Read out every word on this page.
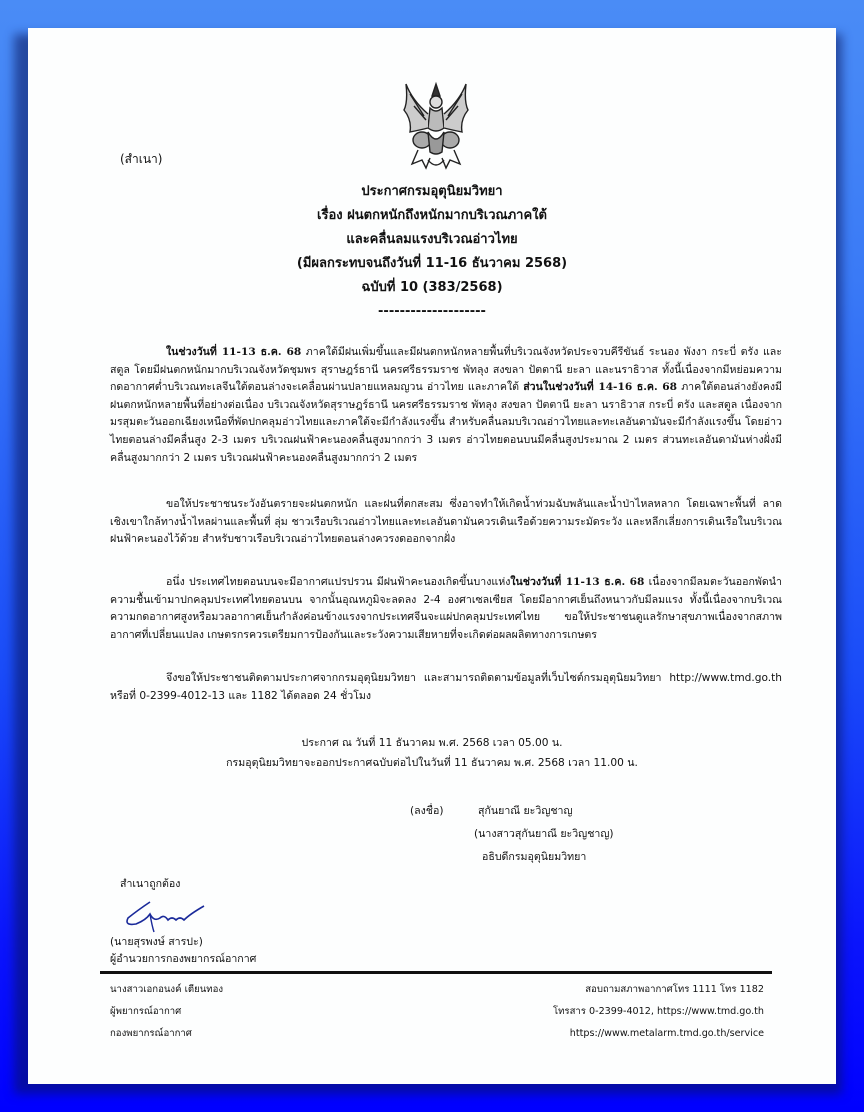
(สำเนา)
ประกาศกรมอุตุนิยมวิทยา
เรื่อง ฝนตกหนักถึงหนักมากบริเวณภาคใต้
และคลื่นลมแรงบริเวณอ่าวไทย
(มีผลกระทบจนถึงวันที่ 11-16 ธันวาคม 2568)
ฉบับที่ 10 (383/2568)
--------------------

ในช่วงวันที่ 11-13 ธ.ค. 68 ภาคใต้มีฝนเพิ่มขึ้นและมีฝนตกหนักหลายพื้นที่บริเวณจังหวัดประจวบคีรีขันธ์ ระนอง พังงา กระบี่ ตรัง และสตูล โดยมีฝนตกหนักมากบริเวณจังหวัดชุมพร สุราษฎร์ธานี นครศรีธรรมราช พัทลุง สงขลา ปัตตานี ยะลา และนราธิวาส ทั้งนี้เนื่องจากมีหย่อมความกดอากาศต่ำบริเวณทะเลจีนใต้ตอนล่างจะเคลื่อนผ่านปลายแหลมญวน อ่าวไทย และภาคใต้ ส่วนในช่วงวันที่ 14-16 ธ.ค. 68 ภาคใต้ตอนล่างยังคงมีฝนตกหนักหลายพื้นที่อย่างต่อเนื่อง บริเวณจังหวัดสุราษฎร์ธานี นครศรีธรรมราช พัทลุง สงขลา ปัตตานี ยะลา นราธิวาส กระบี่ ตรัง และสตูล เนื่องจากมรสุมตะวันออกเฉียงเหนือที่พัดปกคลุมอ่าวไทยและภาคใต้จะมีกำลังแรงขึ้น สำหรับคลื่นลมบริเวณอ่าวไทยและทะเลอันดามันจะมีกำลังแรงขึ้น โดยอ่าวไทยตอนล่างมีคลื่นสูง 2-3 เมตร บริเวณฝนฟ้าคะนองคลื่นสูงมากกว่า 3 เมตร อ่าวไทยตอนบนมีคลื่นสูงประมาณ 2 เมตร ส่วนทะเลอันดามันห่างฝั่งมีคลื่นสูงมากกว่า 2 เมตร บริเวณฝนฟ้าคะนองคลื่นสูงมากกว่า 2 เมตร

ขอให้ประชาชนระวังอันตรายจะฝนตกหนัก และฝนที่ตกสะสม ซึ่งอาจทำให้เกิดน้ำท่วมฉับพลันและน้ำป่าไหลหลาก โดยเฉพาะพื้นที่ ลาดเชิงเขาใกล้ทางน้ำไหลผ่านและพื้นที่ ลุ่ม ชาวเรือบริเวณอ่าวไทยและทะเลอันดามันควรเดินเรือด้วยความระมัดระวัง และหลีกเลี่ยงการเดินเรือในบริเวณฝนฟ้าคะนองไว้ด้วย สำหรับชาวเรือบริเวณอ่าวไทยตอนล่างควรงดออกจากฝั่ง

อนึ่ง ประเทศไทยตอนบนจะมีอากาศแปรปรวน มีฝนฟ้าคะนองเกิดขึ้นบางแห่งในช่วงวันที่ 11-13 ธ.ค. 68 เนื่องจากมีลมตะวันออกพัดนำความชื้นเข้ามาปกคลุมประเทศไทยตอนบน จากนั้นอุณหภูมิจะลดลง 2-4 องศาเซลเซียส โดยมีอากาศเย็นถึงหนาวกับมีลมแรง ทั้งนี้เนื่องจากบริเวณความกดอากาศสูงหรือมวลอากาศเย็นกำลังค่อนข้างแรงจากประเทศจีนจะแผ่ปกคลุมประเทศไทย ขอให้ประชาชนดูแลรักษาสุขภาพเนื่องจากสภาพอากาศที่เปลี่ยนแปลง เกษตรกรควรเตรียมการป้องกันและระวังความเสียหายที่จะเกิดต่อผลผลิตทางการเกษตร

จึงขอให้ประชาชนติดตามประกาศจากกรมอุตุนิยมวิทยา และสามารถติดตามข้อมูลที่เว็บไซต์กรมอุตุนิยมวิทยา http://www.tmd.go.th หรือที่ 0-2399-4012-13 และ 1182 ได้ตลอด 24 ชั่วโมง

ประกาศ ณ วันที่ 11 ธันวาคม พ.ศ. 2568 เวลา 05.00 น.
กรมอุตุนิยมวิทยาจะออกประกาศฉบับต่อไปในวันที่ 11 ธันวาคม พ.ศ. 2568 เวลา 11.00 น.
(ลงชื่อ)	สุกันยาณี ยะวิญชาญ
(นางสาวสุกันยาณี ยะวิญชาญ)
อธิบดีกรมอุตุนิยมวิทยา
สำเนาถูกต้อง
(นายสุรพงษ์ สารปะ)
ผู้อำนวยการกองพยากรณ์อากาศ
นางสาวเอกอนงค์ เตียนทอง
ผู้พยากรณ์อากาศ
กองพยากรณ์อากาศ
สอบถามสภาพอากาศโทร 1111 โทร 1182
โทรสาร 0-2399-4012, https://www.tmd.go.th
https://www.metalarm.tmd.go.th/service
